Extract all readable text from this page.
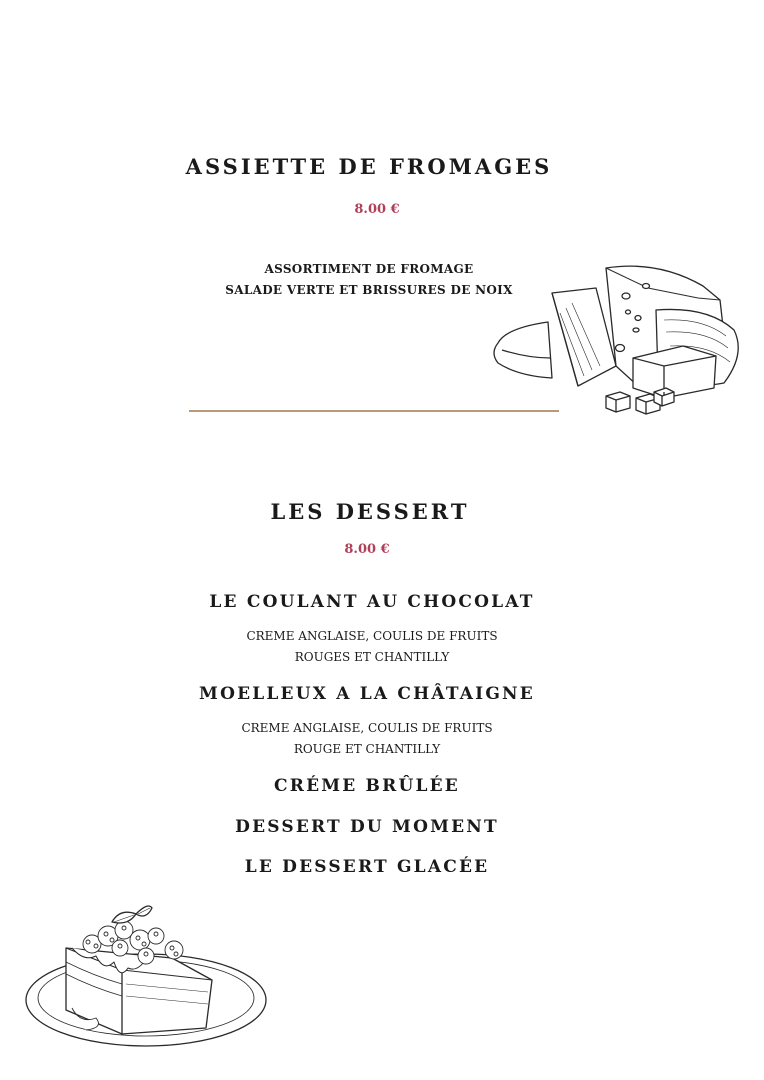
ASSIETTE DE FROMAGES
8.00 €
ASSORTIMENT DE FROMAGE
SALADE VERTE ET BRISSURES DE NOIX
LES DESSERT
8.00 €
LE COULANT AU CHOCOLAT
CREME ANGLAISE, COULIS DE FRUITS
ROUGES ET CHANTILLY
MOELLEUX A LA CHÂTAIGNE
CREME ANGLAISE, COULIS DE FRUITS
ROUGE ET CHANTILLY
CRÉME BRÛLÉE
DESSERT DU MOMENT
LE DESSERT GLACÉE
